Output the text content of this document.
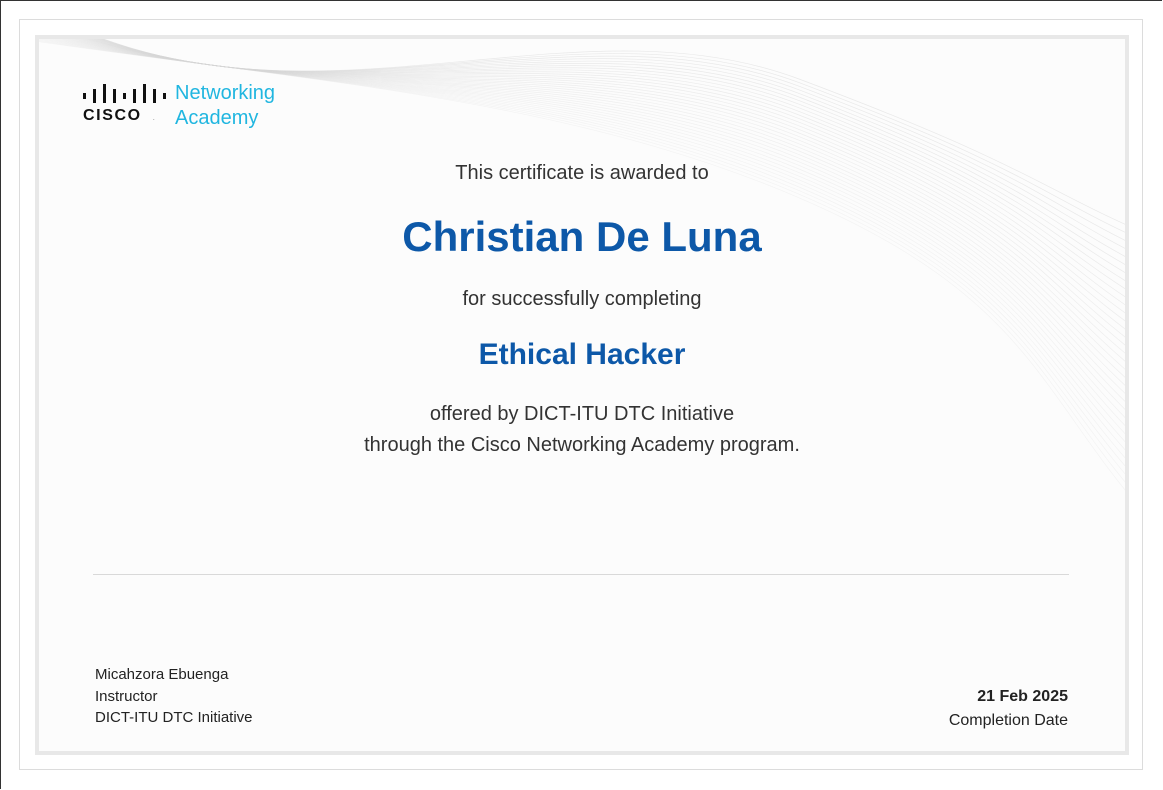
CISCO .
Networking
Academy
This certificate is awarded to
Christian De Luna
for successfully completing
Ethical Hacker
offered by DICT-ITU DTC Initiative
through the Cisco Networking Academy program.
Micahzora Ebuenga
Instructor
DICT-ITU DTC Initiative
21 Feb 2025
Completion Date
